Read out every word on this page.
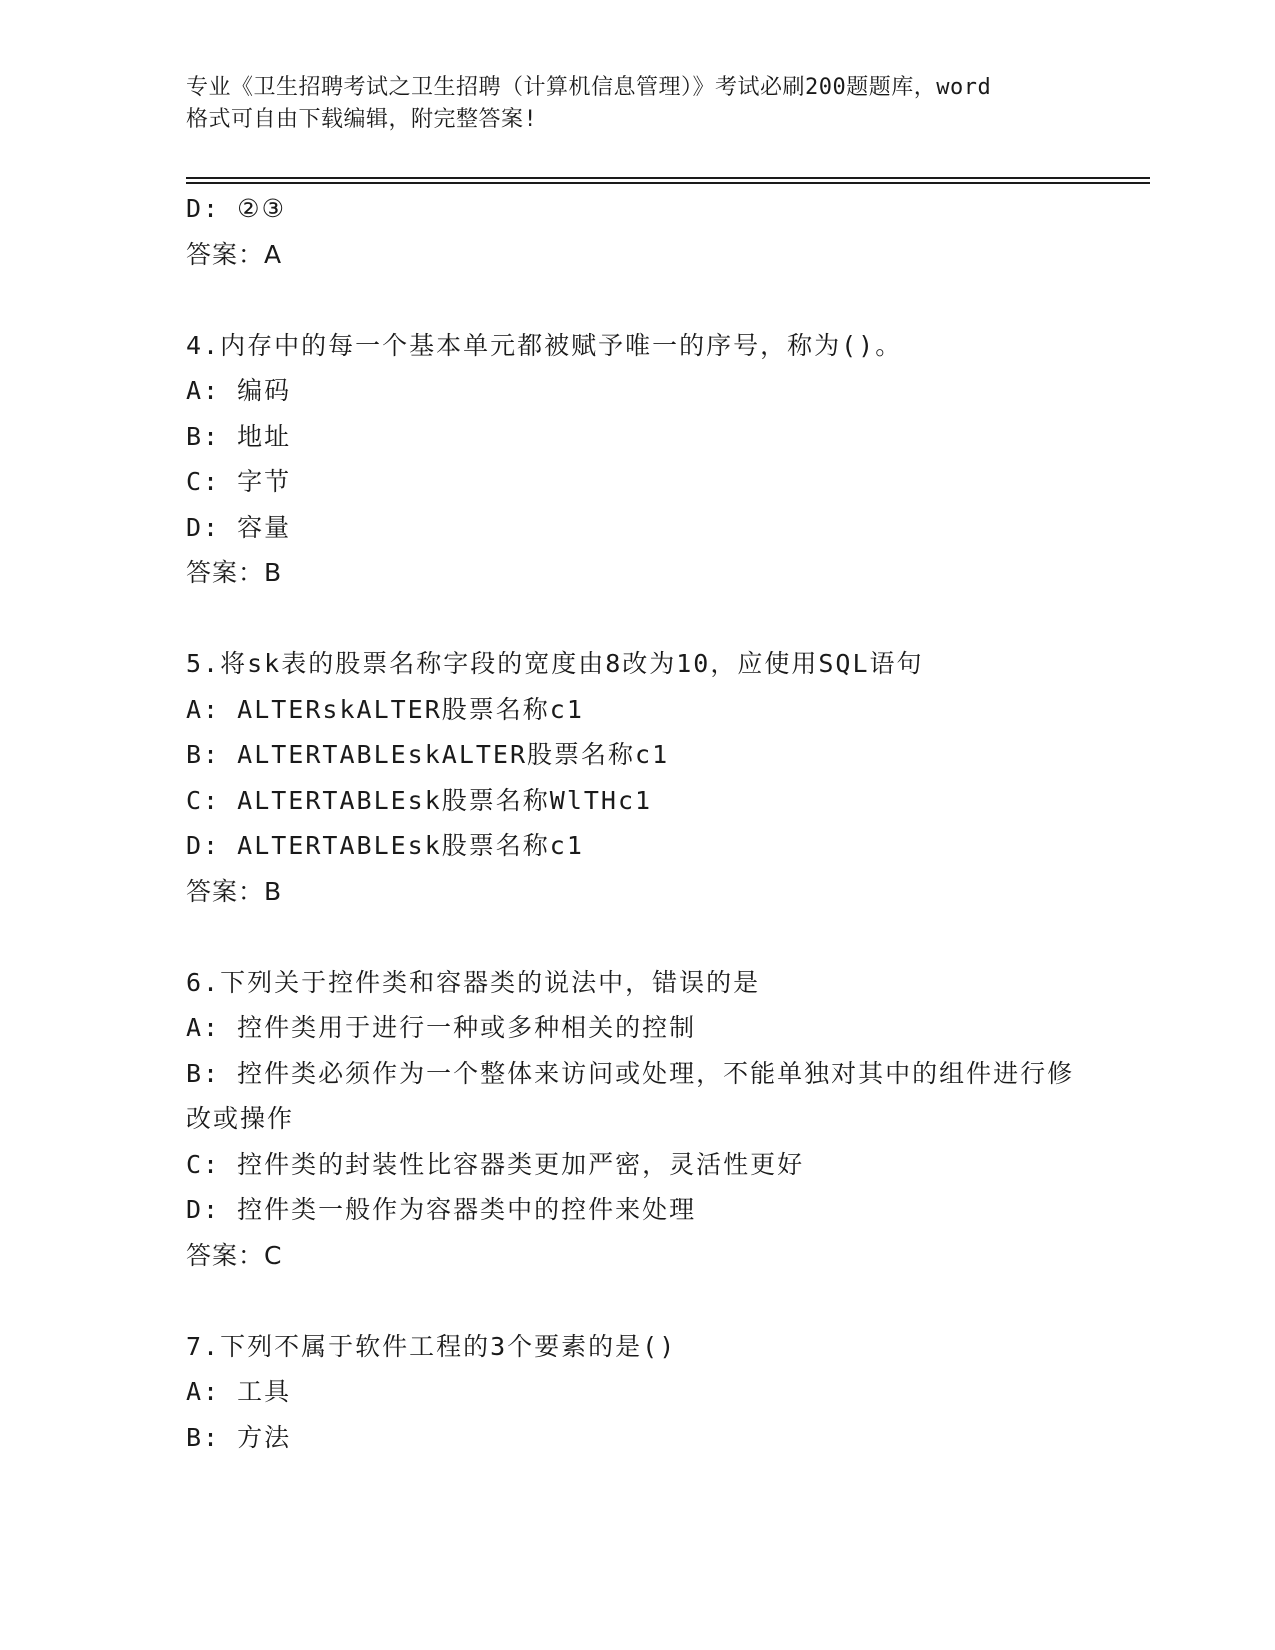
专业《卫生招聘考试之卫生招聘（计算机信息管理）》考试必刷200题题库，word

格式可自由下载编辑，附完整答案!

D: ②③

答案：A

4.内存中的每一个基本单元都被赋予唯一的序号，称为()。

A: 编码

B: 地址

C: 字节

D: 容量

答案：B

5.将sk表的股票名称字段的宽度由8改为10，应使用SQL语句

A: ALTERskALTER股票名称c1

B: ALTERTABLEskALTER股票名称c1

C: ALTERTABLEsk股票名称WlTHc1

D: ALTERTABLEsk股票名称c1

答案：B

6.下列关于控件类和容器类的说法中，错误的是

A: 控件类用于进行一种或多种相关的控制

B: 控件类必须作为一个整体来访问或处理，不能单独对其中的组件进行修改或操作

C: 控件类的封装性比容器类更加严密，灵活性更好

D: 控件类一般作为容器类中的控件来处理

答案：C

7.下列不属于软件工程的3个要素的是()

A: 工具

B: 方法
